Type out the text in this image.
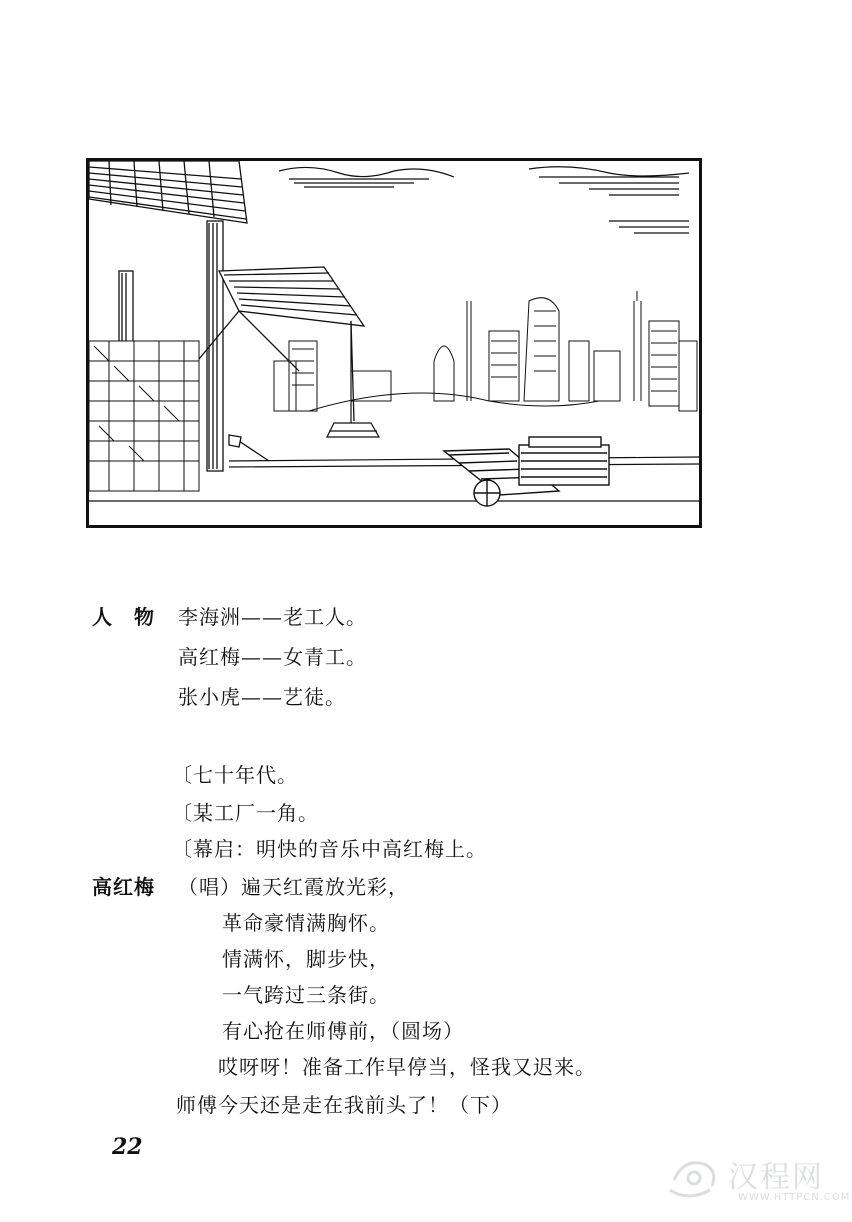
人　物 李海洲——老工人。
高红梅——女青工。
张小虎——艺徒。
〔七十年代。
〔某工厂一角。
〔幕启：明快的音乐中高红梅上。
高红梅 （唱）遍天红霞放光彩，
革命豪情满胸怀。
情满怀，脚步快，
一气跨过三条街。
有心抢在师傅前，（圆场）
哎呀呀！准备工作早停当，怪我又迟来。
师傅今天还是走在我前头了！（下）
22
汉程网
WWW.HTTPCN.COM
